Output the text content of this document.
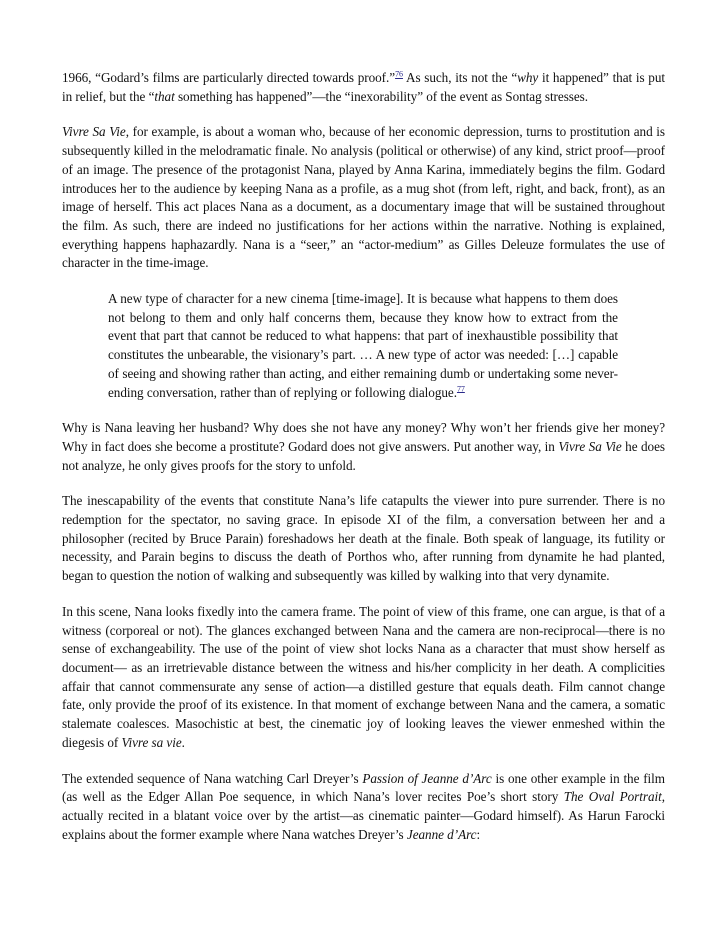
1966, “Godard’s films are particularly directed towards proof.”$^{76}$ As such, its not the “why it happened” that is put in relief, but the “that something has happened”—the “inexorability” of the event as Sontag stresses.

Vivre Sa Vie, for example, is about a woman who, because of her economic depression, turns to prostitution and is subsequently killed in the melodramatic finale. No analysis (political or otherwise) of any kind, strict proof—proof of an image. The presence of the protagonist Nana, played by Anna Karina, immediately begins the film. Godard introduces her to the audience by keeping Nana as a profile, as a mug shot (from left, right, and back, front), as an image of herself. This act places Nana as a document, as a documentary image that will be sustained throughout the film. As such, there are indeed no justifications for her actions within the narrative. Nothing is explained, everything happens haphazardly. Nana is a “seer,” an “actor-medium” as Gilles Deleuze formulates the use of character in the time-image.

A new type of character for a new cinema [time-image]. It is because what happens to them does not belong to them and only half concerns them, because they know how to extract from the event that part that cannot be reduced to what happens: that part of inexhaustible possibility that constitutes the unbearable, the visionary’s part. … A new type of actor was needed: […] capable of seeing and showing rather than acting, and either remaining dumb or undertaking some never-ending conversation, rather than of replying or following dialogue.$^{77}$

Why is Nana leaving her husband? Why does she not have any money? Why won’t her friends give her money? Why in fact does she become a prostitute? Godard does not give answers. Put another way, in Vivre Sa Vie he does not analyze, he only gives proofs for the story to unfold.

The inescapability of the events that constitute Nana’s life catapults the viewer into pure surrender. There is no redemption for the spectator, no saving grace. In episode XI of the film, a conversation between her and a philosopher (recited by Bruce Parain) foreshadows her death at the finale. Both speak of language, its futility or necessity, and Parain begins to discuss the death of Porthos who, after running from dynamite he had planted, began to question the notion of walking and subsequently was killed by walking into that very dynamite.

In this scene, Nana looks fixedly into the camera frame. The point of view of this frame, one can argue, is that of a witness (corporeal or not). The glances exchanged between Nana and the camera are non-reciprocal—there is no sense of exchangeability. The use of the point of view shot locks Nana as a character that must show herself as document— as an irretrievable distance between the witness and his/her complicity in her death. A complicities affair that cannot commensurate any sense of action—a distilled gesture that equals death. Film cannot change fate, only provide the proof of its existence. In that moment of exchange between Nana and the camera, a somatic stalemate coalesces. Masochistic at best, the cinematic joy of looking leaves the viewer enmeshed within the diegesis of Vivre sa vie.

The extended sequence of Nana watching Carl Dreyer’s Passion of Jeanne d’Arc is one other example in the film (as well as the Edger Allan Poe sequence, in which Nana’s lover recites Poe’s short story The Oval Portrait, actually recited in a blatant voice over by the artist—as cinematic painter—Godard himself). As Harun Farocki explains about the former example where Nana watches Dreyer’s Jeanne d’Arc:
